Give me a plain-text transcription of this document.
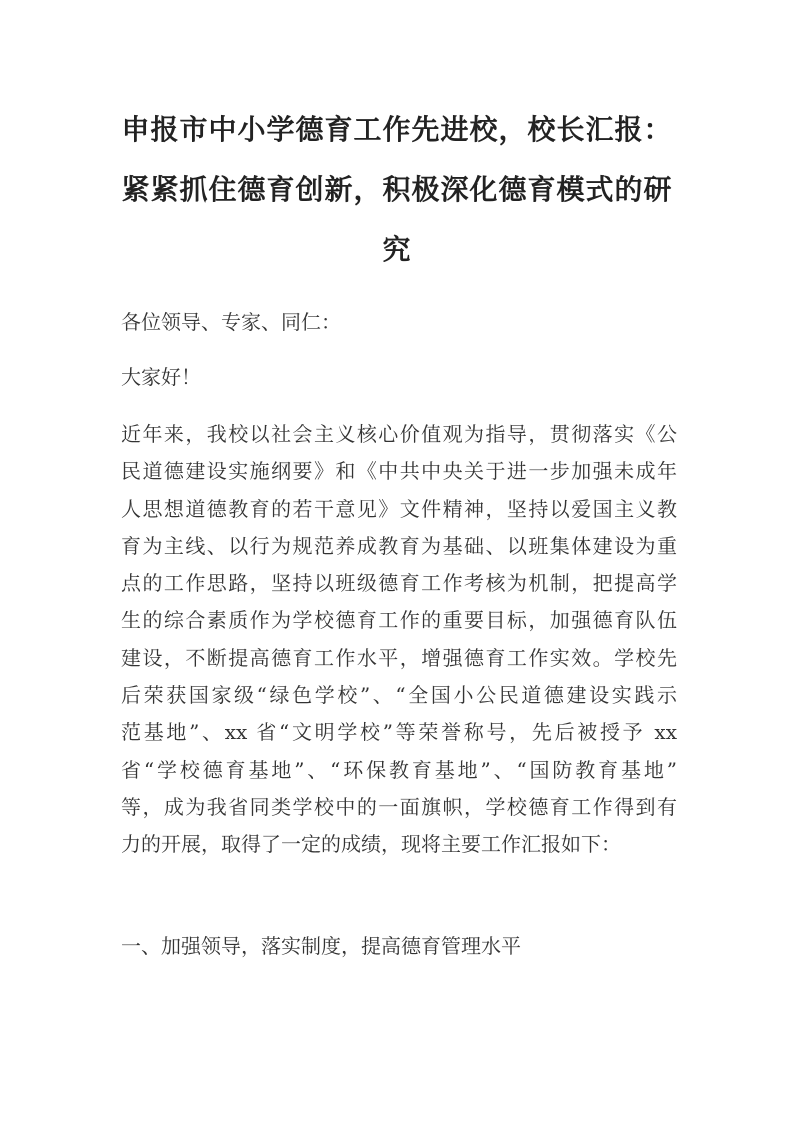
申报市中小学德育工作先进校，校长汇报：
紧紧抓住德育创新，积极深化德育模式的研
究

各位领导、专家、同仁：

大家好！

近年来，我校以社会主义核心价值观为指导，贯彻落实《公
民道德建设实施纲要》和《中共中央关于进一步加强未成年
人思想道德教育的若干意见》文件精神，坚持以爱国主义教
育为主线、以行为规范养成教育为基础、以班集体建设为重
点的工作思路，坚持以班级德育工作考核为机制，把提高学
生的综合素质作为学校德育工作的重要目标，加强德育队伍
建设，不断提高德育工作水平，增强德育工作实效。学校先
后荣获国家级“绿色学校”、“全国小公民道德建设实践示
范基地”、xx 省“文明学校”等荣誉称号，先后被授予 xx
省“学校德育基地”、“环保教育基地”、“国防教育基地”
等，成为我省同类学校中的一面旗帜，学校德育工作得到有
力的开展，取得了一定的成绩，现将主要工作汇报如下：

一、加强领导，落实制度，提高德育管理水平
